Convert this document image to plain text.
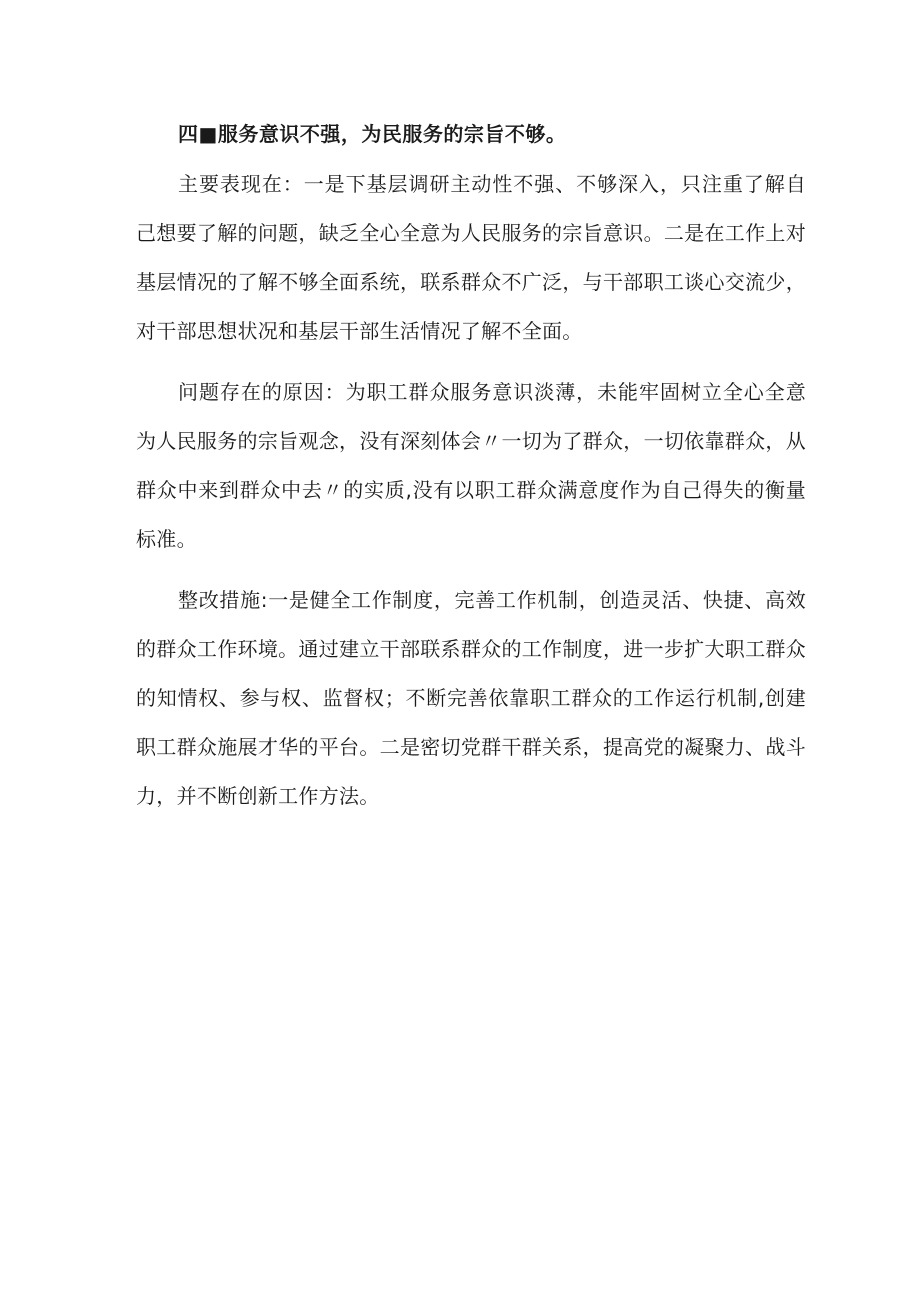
四■服务意识不强，为民服务的宗旨不够。

主要表现在：一是下基层调研主动性不强、不够深入，只注重了解自己想要了解的问题，缺乏全心全意为人民服务的宗旨意识。二是在工作上对基层情况的了解不够全面系统，联系群众不广泛，与干部职工谈心交流少，对干部思想状况和基层干部生活情况了解不全面。

问题存在的原因：为职工群众服务意识淡薄，未能牢固树立全心全意为人民服务的宗旨观念，没有深刻体会〃一切为了群众，一切依靠群众，从群众中来到群众中去〃的实质,没有以职工群众满意度作为自己得失的衡量标准。

整改措施:一是健全工作制度，完善工作机制，创造灵活、快捷、高效的群众工作环境。通过建立干部联系群众的工作制度，进一步扩大职工群众的知情权、参与权、监督权；不断完善依靠职工群众的工作运行机制,创建职工群众施展才华的平台。二是密切党群干群关系，提高党的凝聚力、战斗力，并不断创新工作方法。
